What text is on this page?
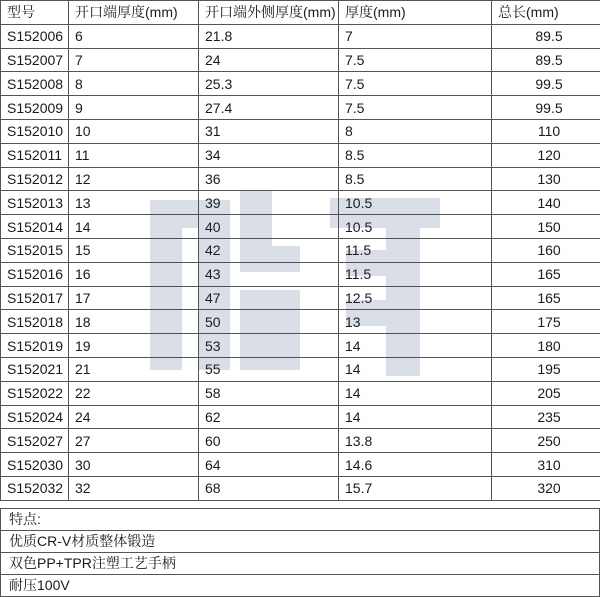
型号	开口端厚度(mm)	开口端外侧厚度(mm)	厚度(mm)	总长(mm)
S152006	6	21.8	7	89.5
S152007	7	24	7.5	89.5
S152008	8	25.3	7.5	99.5
S152009	9	27.4	7.5	99.5
S152010	10	31	8	110
S152011	11	34	8.5	120
S152012	12	36	8.5	130
S152013	13	39	10.5	140
S152014	14	40	10.5	150
S152015	15	42	11.5	160
S152016	16	43	11.5	165
S152017	17	47	12.5	165
S152018	18	50	13	175
S152019	19	53	14	180
S152021	21	55	14	195
S152022	22	58	14	205
S152024	24	62	14	235
S152027	27	60	13.8	250
S152030	30	64	14.6	310
S152032	32	68	15.7	320
特点:
优质CR-V材质整体锻造
双色PP+TPR注塑工艺手柄
耐压100V
